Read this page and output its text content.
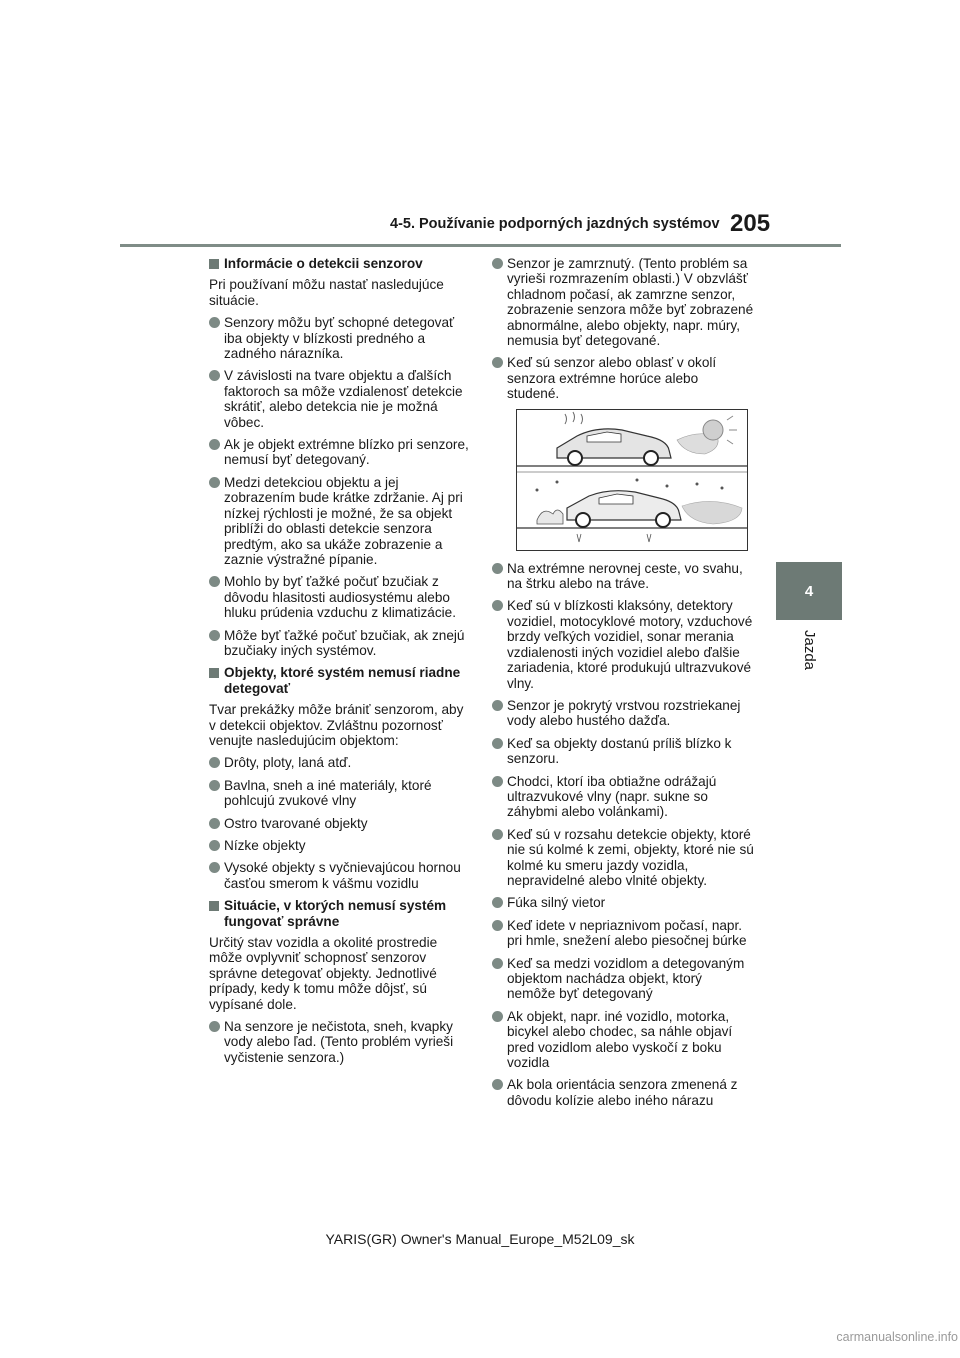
4-5. Používanie podporných jazdných systémov 205
4
Jazda
Informácie o detekcii senzorov
Pri používaní môžu nastať nasledujúce situácie.
Senzory môžu byť schopné detegovať iba objekty v blízkosti predného a zadného nárazníka.
V závislosti na tvare objektu a ďalších faktoroch sa môže vzdialenosť detekcie skrátiť, alebo detekcia nie je možná vôbec.
Ak je objekt extrémne blízko pri senzore, nemusí byť detegovaný.
Medzi detekciou objektu a jej zobrazením bude krátke zdržanie. Aj pri nízkej rýchlosti je možné, že sa objekt priblíži do oblasti detekcie senzora predtým, ako sa ukáže zobrazenie a zaznie výstražné pípanie.
Mohlo by byť ťažké počuť bzučiak z dôvodu hlasitosti audiosystému alebo hluku prúdenia vzduchu z klimatizácie.
Môže byť ťažké počuť bzučiak, ak znejú bzučiaky iných systémov.
Objekty, ktoré systém nemusí riadne detegovať
Tvar prekážky môže brániť senzorom, aby v detekcii objektov. Zvláštnu pozornosť venujte nasledujúcim objektom:
Drôty, ploty, laná atď.
Bavlna, sneh a iné materiály, ktoré pohlcujú zvukové vlny
Ostro tvarované objekty
Nízke objekty
Vysoké objekty s vyčnievajúcou hornou časťou smerom k vášmu vozidlu
Situácie, v ktorých nemusí systém fungovať správne
Určitý stav vozidla a okolité prostredie môže ovplyvniť schopnosť senzorov správne detegovať objekty. Jednotlivé prípady, kedy k tomu môže dôjsť, sú vypísané dole.
Na senzore je nečistota, sneh, kvapky vody alebo ľad. (Tento problém vyrieši vyčistenie senzora.)
Senzor je zamrznutý. (Tento problém sa vyrieši rozmrazením oblasti.) V obzvlášť chladnom počasí, ak zamrzne senzor, zobrazenie senzora môže byť zobrazené abnormálne, alebo objekty, napr. múry, nemusia byť detegované.
Keď sú senzor alebo oblasť v okolí senzora extrémne horúce alebo studené.
Na extrémne nerovnej ceste, vo svahu, na štrku alebo na tráve.
Keď sú v blízkosti klaksóny, detektory vozidiel, motocyklové motory, vzduchové brzdy veľkých vozidiel, sonar merania vzdialenosti iných vozidiel alebo ďalšie zariadenia, ktoré produkujú ultrazvukové vlny.
Senzor je pokrytý vrstvou rozstriekanej vody alebo hustého dažďa.
Keď sa objekty dostanú príliš blízko k senzoru.
Chodci, ktorí iba obtiažne odrážajú ultrazvukové vlny (napr. sukne so záhybmi alebo volánkami).
Keď sú v rozsahu detekcie objekty, ktoré nie sú kolmé k zemi, objekty, ktoré nie sú kolmé ku smeru jazdy vozidla, nepravidelné alebo vlnité objekty.
Fúka silný vietor
Keď idete v nepriaznivom počasí, napr. pri hmle, snežení alebo piesočnej búrke
Keď sa medzi vozidlom a detegovaným objektom nachádza objekt, ktorý nemôže byť detegovaný
Ak objekt, napr. iné vozidlo, motorka, bicykel alebo chodec, sa náhle objaví pred vozidlom alebo vyskočí z boku vozidla
Ak bola orientácia senzora zmenená z dôvodu kolízie alebo iného nárazu
YARIS(GR) Owner's Manual_Europe_M52L09_sk
carmanualsonline.info
